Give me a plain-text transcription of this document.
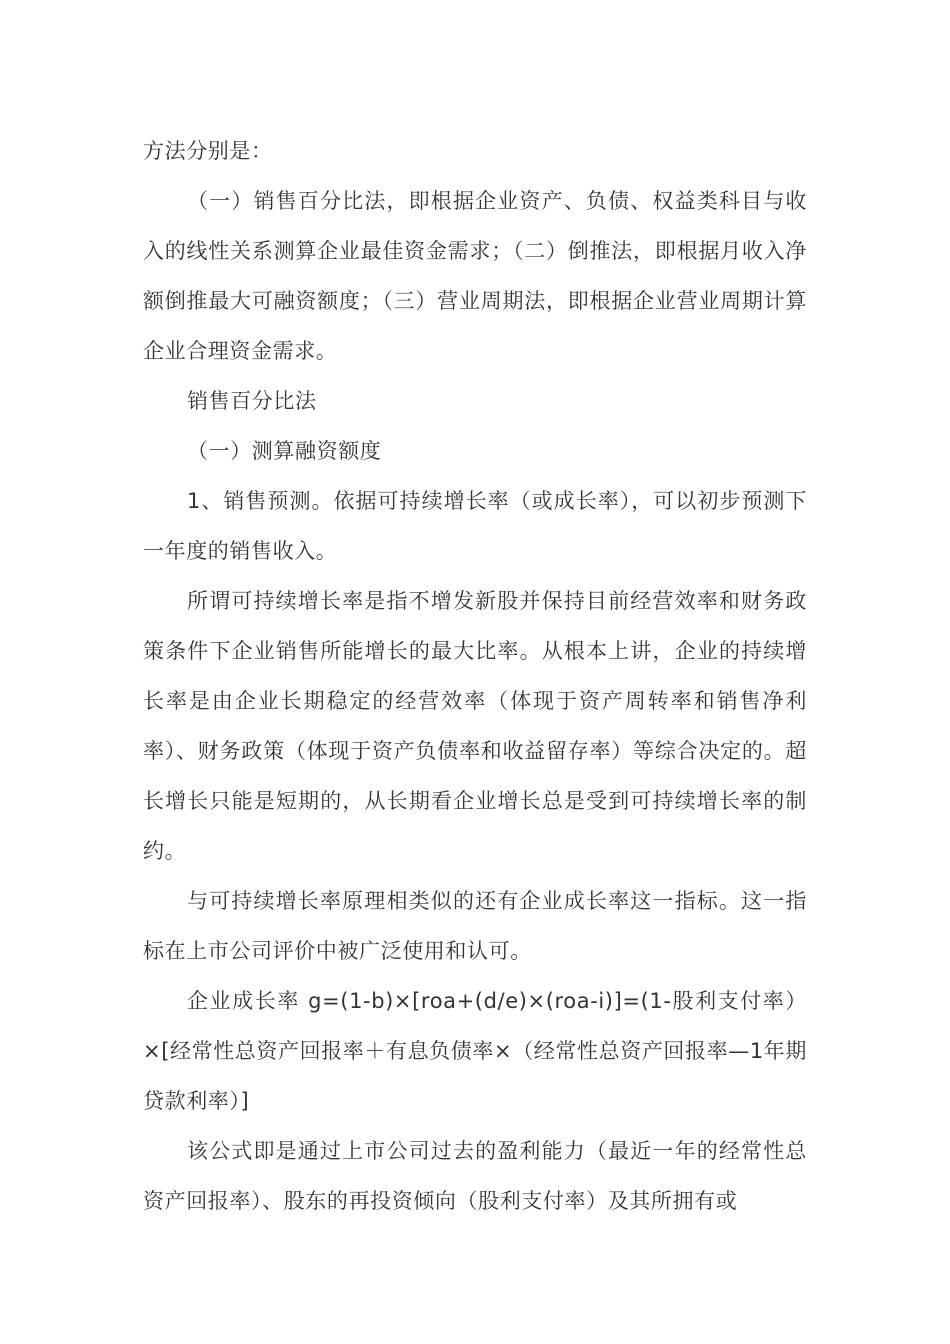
方法分别是：

（一）销售百分比法，即根据企业资产、负债、权益类科目与收入的线性关系测算企业最佳资金需求；（二）倒推法，即根据月收入净额倒推最大可融资额度；（三）营业周期法，即根据企业营业周期计算企业合理资金需求。

销售百分比法

（一）测算融资额度

1、销售预测。依据可持续增长率（或成长率），可以初步预测下一年度的销售收入。

所谓可持续增长率是指不增发新股并保持目前经营效率和财务政策条件下企业销售所能增长的最大比率。从根本上讲，企业的持续增长率是由企业长期稳定的经营效率（体现于资产周转率和销售净利率）、财务政策（体现于资产负债率和收益留存率）等综合决定的。超长增长只能是短期的，从长期看企业增长总是受到可持续增长率的制约。

与可持续增长率原理相类似的还有企业成长率这一指标。这一指标在上市公司评价中被广泛使用和认可。

企业成长率 g=(1-b)×[roa+(d/e)×(roa-i)]=(1-股利支付率）×[经常性总资产回报率＋有息负债率×（经常性总资产回报率—1年期贷款利率）]

该公式即是通过上市公司过去的盈利能力（最近一年的经常性总资产回报率）、股东的再投资倾向（股利支付率）及其所拥有或
